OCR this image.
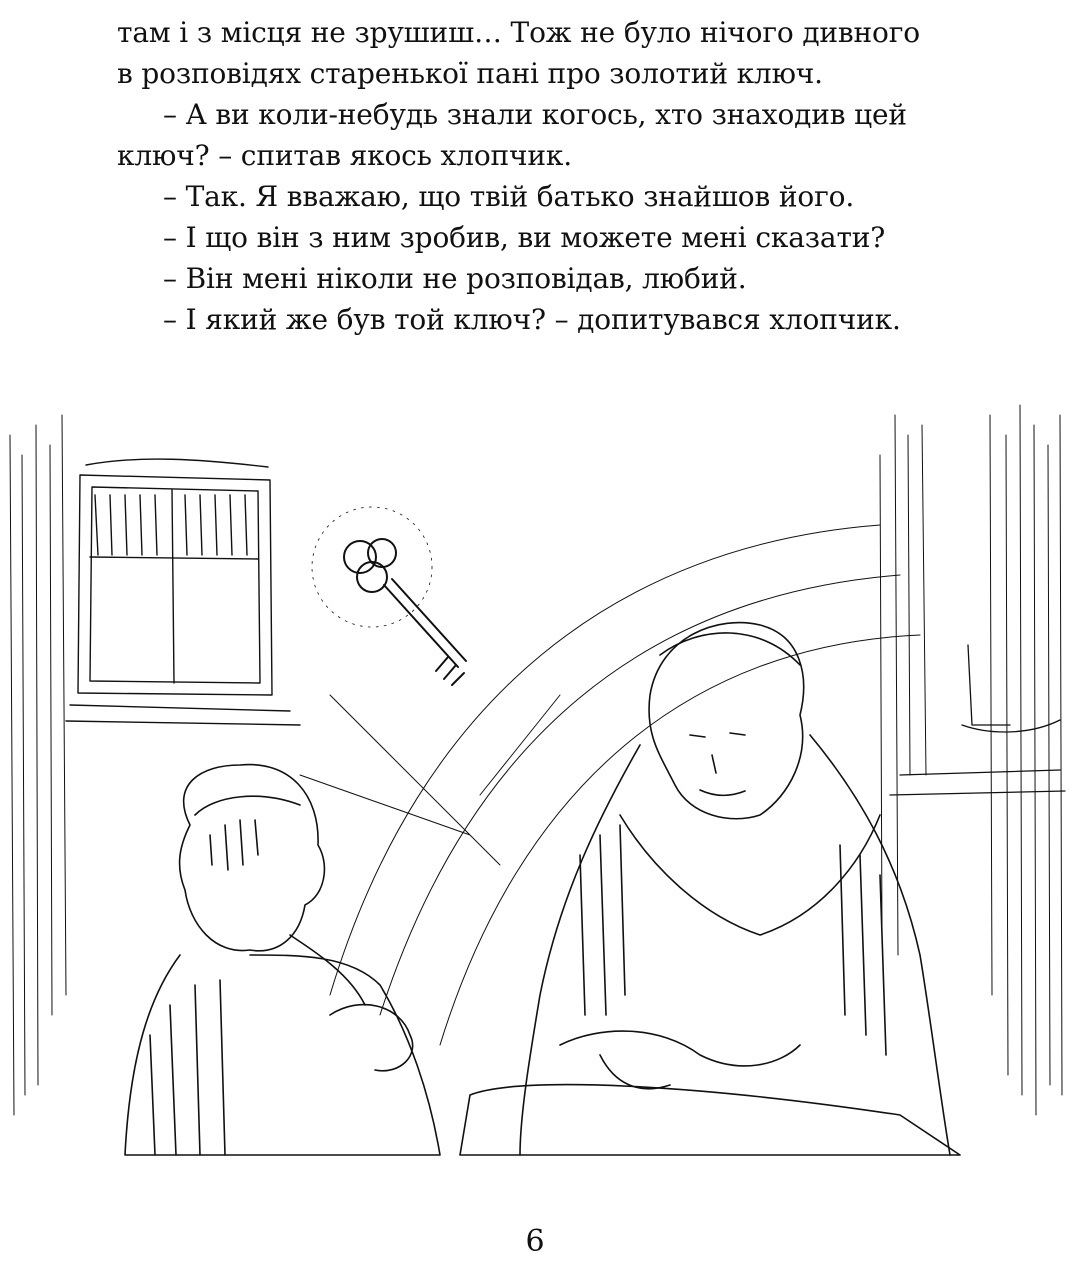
там і з місця не зрушиш… Тож не було нічого дивного
в розповідях старенької пані про золотий ключ.
– А ви коли-небудь знали когось, хто знаходив цей
ключ? – спитав якось хлопчик.
– Так. Я вважаю, що твій батько знайшов його.
– І що він з ним зробив, ви можете мені сказати?
– Він мені ніколи не розповідав, любий.
– І який же був той ключ? – допитувався хлопчик.
6
